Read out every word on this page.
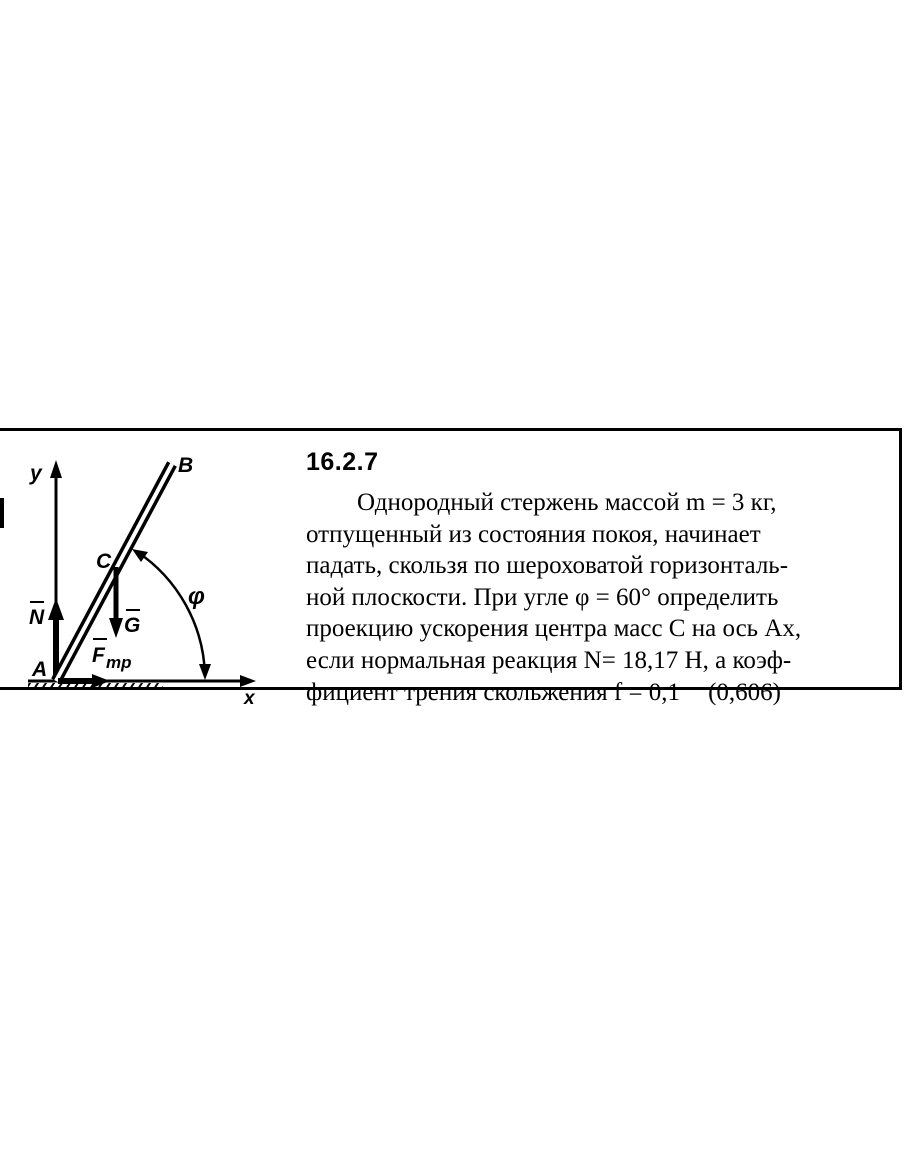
y
x
B
C
A
N	G
F тр
φ
16.2.7
Однородный стержень массой m = 3 кг,
отпущенный из состояния покоя, начинает
падать, скользя по шероховатой горизонталь-
ной плоскости. При угле φ = 60° определить
проекцию ускорения центра масс C на ось Ax,
если нормальная реакция N= 18,17 Н, а коэф-
фициент трения скольжения f = 0,1 (0,606)
